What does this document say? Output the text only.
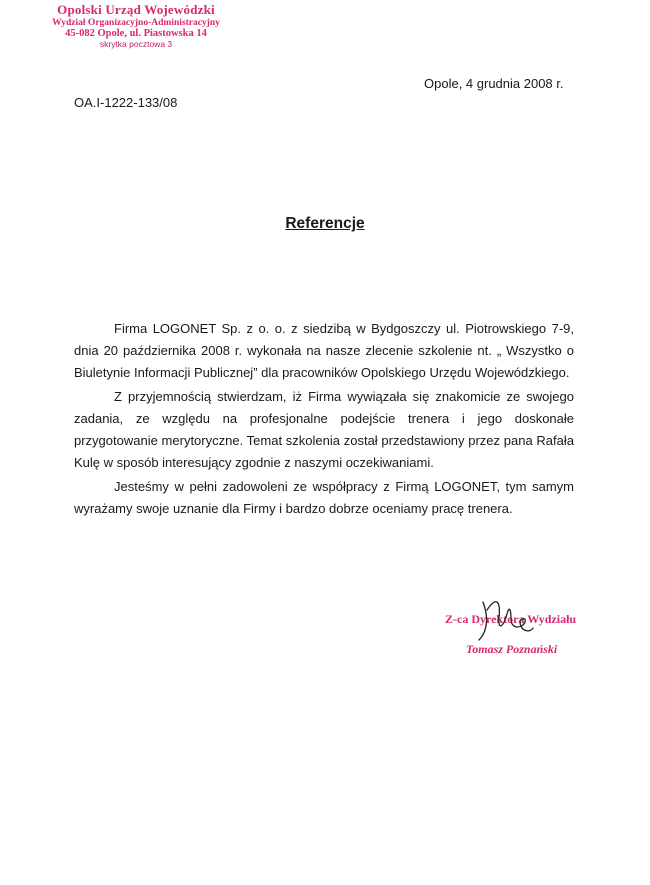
Opolski Urząd Wojewódzki
Wydział Organizacyjno-Administracyjny
45-082 Opole, ul. Piastowska 14
skrytka pocztowa 3
Opole, 4 grudnia 2008 r.
OA.I-1222-133/08
Referencje

Firma LOGONET Sp. z o. o. z siedzibą w Bydgoszczy ul. Piotrowskiego 7-9, dnia 20 października 2008 r. wykonała na nasze zlecenie szkolenie nt. „ Wszystko o Biuletynie Informacji Publicznej” dla pracowników Opolskiego Urzędu Wojewódzkiego.

Z przyjemnością stwierdzam, iż Firma wywiązała się znakomicie ze swojego zadania, ze względu na profesjonalne podejście trenera i jego doskonałe przygotowanie merytoryczne. Temat szkolenia został przedstawiony przez pana Rafała Kulę w sposób interesujący zgodnie z naszymi oczekiwaniami.

Jesteśmy w pełni zadowoleni ze współpracy z Firmą LOGONET, tym samym wyrażamy swoje uznanie dla Firmy i bardzo dobrze oceniamy pracę trenera.

Z-ca Dyrektora Wydziału
Tomasz Poznański
